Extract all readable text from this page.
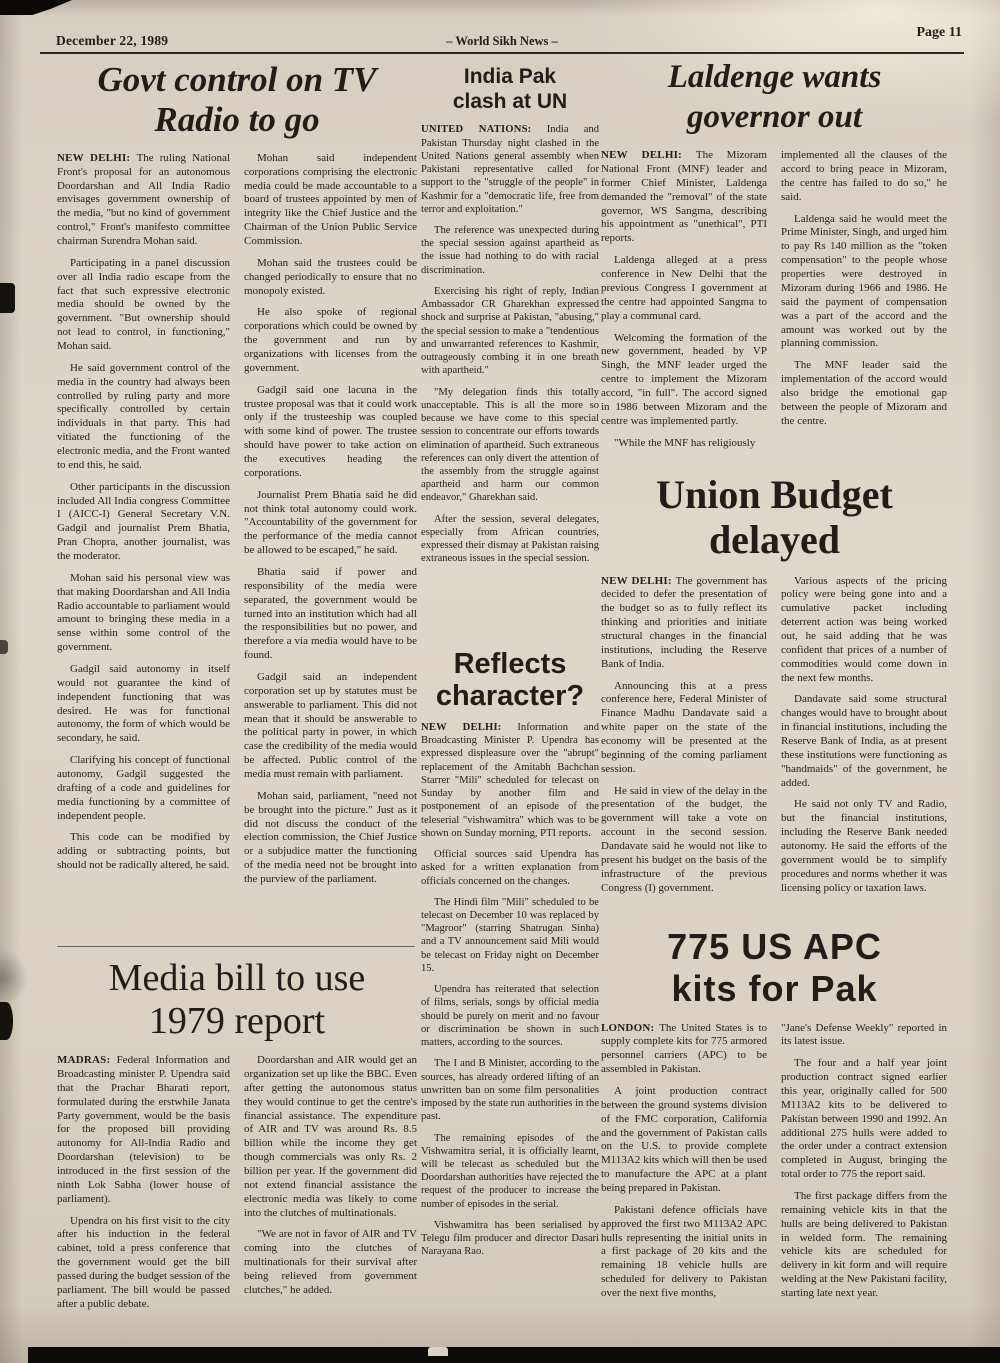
December 22, 1989	– World Sikh News –
Page 11
Govt control on TV
Radio to go

NEW DELHI: The ruling National Front's proposal for an autonomous Doordarshan and All India Radio envisages government ownership of the media, "but no kind of government control," Front's manifesto committee chairman Surendra Mohan said.

Participating in a panel discussion over all India radio escape from the fact that such expressive electronic media should be owned by the government. "But ownership should not lead to control, in functioning," Mohan said.

He said government control of the media in the country had always been controlled by ruling party and more specifically controlled by certain individuals in that party. This had vitiated the functioning of the electronic media, and the Front wanted to end this, he said.

Other participants in the discussion included All India congress Committee I (AICC-I) General Secretary V.N. Gadgil and journalist Prem Bhatia, Pran Chopra, another journalist, was the moderator.

Mohan said his personal view was that making Doordarshan and All India Radio accountable to parliament would amount to bringing these media in a sense within some control of the government.

Gadgil said autonomy in itself would not guarantee the kind of independent functioning that was desired. He was for functional autonomy, the form of which would be secondary, he said.

Clarifying his concept of functional autonomy, Gadgil suggested the drafting of a code and guidelines for media functioning by a committee of independent people.

This code can be modified by adding or subtracting points, but should not be radically altered, he said.

Mohan said independent corporations comprising the electronic media could be made accountable to a board of trustees appointed by men of integrity like the Chief Justice and the Chairman of the Union Public Service Commission.

Mohan said the trustees could be changed periodically to ensure that no monopoly existed.

He also spoke of regional corporations which could be owned by the government and run by organizations with licenses from the government.

Gadgil said one lacuna in the trustee proposal was that it could work only if the trusteeship was coupled with some kind of power. The trustee should have power to take action on the executives heading the corporations.

Journalist Prem Bhatia said he did not think total autonomy could work. "Accountability of the government for the performance of the media cannot be allowed to be escaped," he said.

Bhatia said if power and responsibility of the media were separated, the government would be turned into an institution which had all the responsibilities but no power, and therefore a via media would have to be found.

Gadgil said an independent corporation set up by statutes must be answerable to parliament. This did not mean that it should be answerable to the political party in power, in which case the credibility of the media would be affected. Public control of the media must remain with parliament.

Mohan said, parliament, "need not be brought into the picture." Just as it did not discuss the conduct of the election commission, the Chief Justice or a subjudice matter the functioning of the media need not be brought into the purview of the parliament.

Media bill to use
1979 report

MADRAS: Federal Information and Broadcasting minister P. Upendra said that the Prachar Bharati report, formulated during the erstwhile Janata Party government, would be the basis for the proposed bill providing autonomy for All-India Radio and Doordarshan (television) to be introduced in the first session of the ninth Lok Sabha (lower house of parliament).

Upendra on his first visit to the city after his induction in the federal cabinet, told a press conference that the government would get the bill passed during the budget session of the parliament. The bill would be passed after a public debate.

Doordarshan and AIR would get an organization set up like the BBC. Even after getting the autonomous status they would continue to get the centre's financial assistance. The expenditure of AIR and TV was around Rs. 8.5 billion while the income they get though commercials was only Rs. 2 billion per year. If the government did not extend financial assistance the electronic media was likely to come into the clutches of multinationals.

"We are not in favor of AIR and TV coming into the clutches of multinationals for their survival after being relieved from government clutches," he added.

India Pak
clash at UN

UNITED NATIONS: India and Pakistan Thursday night clashed in the United Nations general assembly when Pakistani representative called for support to the "struggle of the people" in Kashmir for a "democratic life, free from terror and exploitation."

The reference was unexpected during the special session against apartheid as the issue had nothing to do with racial discrimination.

Exercising his right of reply, Indian Ambassador CR Gharekhan expressed shock and surprise at Pakistan, "abusing," the special session to make a "tendentious and unwarranted references to Kashmir, outrageously combing it in one breath with apartheid."

"My delegation finds this totally unacceptable. This is all the more so because we have come to this special session to concentrate our efforts towards elimination of apartheid. Such extraneous references can only divert the attention of the assembly from the struggle against apartheid and harm our common endeavor," Gharekhan said.

After the session, several delegates, especially from African countries, expressed their dismay at Pakistan raising extraneous issues in the special session.

Reflects
character?

NEW DELHI: Information and Broadcasting Minister P. Upendra has expressed displeasure over the "abrupt" replacement of the Amitabh Bachchan Starrer "Mili" scheduled for telecast on Sunday by another film and postponement of an episode of the teleserial "vishwamitra" which was to be shown on Sunday morning, PTI reports.

Official sources said Upendra has asked for a written explanation from officials concerned on the changes.

The Hindi film "Mili" scheduled to be telecast on December 10 was replaced by "Magroor" (starring Shatrugan Sinha) and a TV announcement said Mili would be telecast on Friday night on December 15.

Upendra has reiterated that selection of films, serials, songs by official media should be purely on merit and no favour or discrimination be shown in such matters, according to the sources.

The I and B Minister, according to the sources, has already ordered lifting of an unwritten ban on some film personalities imposed by the state run authorities in the past.

The remaining episodes of the Vishwamitra serial, it is officially learnt, will be telecast as scheduled but the Doordarshan authorities have rejected the request of the producer to increase the number of episodes in the serial.

Vishwamitra has been serialised by Telegu film producer and director Dasari Narayana Rao.

Laldenge wants
governor out

NEW DELHI: The Mizoram National Front (MNF) leader and former Chief Minister, Laldenga demanded the "removal" of the state governor, WS Sangma, describing his appointment as "unethical", PTI reports.

Laldenga alleged at a press conference in New Delhi that the previous Congress I government at the centre had appointed Sangma to play a communal card.

Welcoming the formation of the new government, headed by VP Singh, the MNF leader urged the centre to implement the Mizoram accord, "in full". The accord signed in 1986 between Mizoram and the centre was implemented partly.

"While the MNF has religiously

implemented all the clauses of the accord to bring peace in Mizoram, the centre has failed to do so," he said.

Laldenga said he would meet the Prime Minister, Singh, and urged him to pay Rs 140 million as the "token compensation" to the people whose properties were destroyed in Mizoram during 1966 and 1986. He said the payment of compensation was a part of the accord and the amount was worked out by the planning commission.

The MNF leader said the implementation of the accord would also bridge the emotional gap between the people of Mizoram and the centre.

Union Budget
delayed

NEW DELHI: The government has decided to defer the presentation of the budget so as to fully reflect its thinking and priorities and initiate structural changes in the financial institutions, including the Reserve Bank of India.

Announcing this at a press conference here, Federal Minister of Finance Madhu Dandavate said a white paper on the state of the economy will be presented at the beginning of the coming parliament session.

He said in view of the delay in the presentation of the budget, the government will take a vote on account in the second session. Dandavate said he would not like to present his budget on the basis of the infrastructure of the previous Congress (I) government.

Various aspects of the pricing policy were being gone into and a cumulative packet including deterrent action was being worked out, he said adding that he was confident that prices of a number of commodities would come down in the next few months.

Dandavate said some structural changes would have to brought about in financial institutions, including the Reserve Bank of India, as at present these institutions were functioning as "handmaids" of the government, he added.

He said not only TV and Radio, but the financial institutions, including the Reserve Bank needed autonomy. He said the efforts of the government would be to simplify procedures and norms whether it was licensing policy or taxation laws.

775 US APC
kits for Pak

LONDON: The United States is to supply complete kits for 775 armored personnel carriers (APC) to be assembled in Pakistan.

A joint production contract between the ground systems division of the FMC corporation, California and the government of Pakistan calls on the U.S. to provide complete M113A2 kits which will then be used to manufacture the APC at a plant being prepared in Pakistan.

Pakistani defence officials have approved the first two M113A2 APC hulls representing the initial units in a first package of 20 kits and the remaining 18 vehicle hulls are scheduled for delivery to Pakistan over the next five months,

"Jane's Defense Weekly" reported in its latest issue.

The four and a half year joint production contract signed earlier this year, originally called for 500 M113A2 kits to be delivered to Pakistan between 1990 and 1992. An additional 275 hulls were added to the order under a contract extension completed in August, bringing the total order to 775 the report said.

The first package differs from the remaining vehicle kits in that the hulls are being delivered to Pakistan in welded form. The remaining vehicle kits are scheduled for delivery in kit form and will require welding at the New Pakistani facility, starting late next year.
